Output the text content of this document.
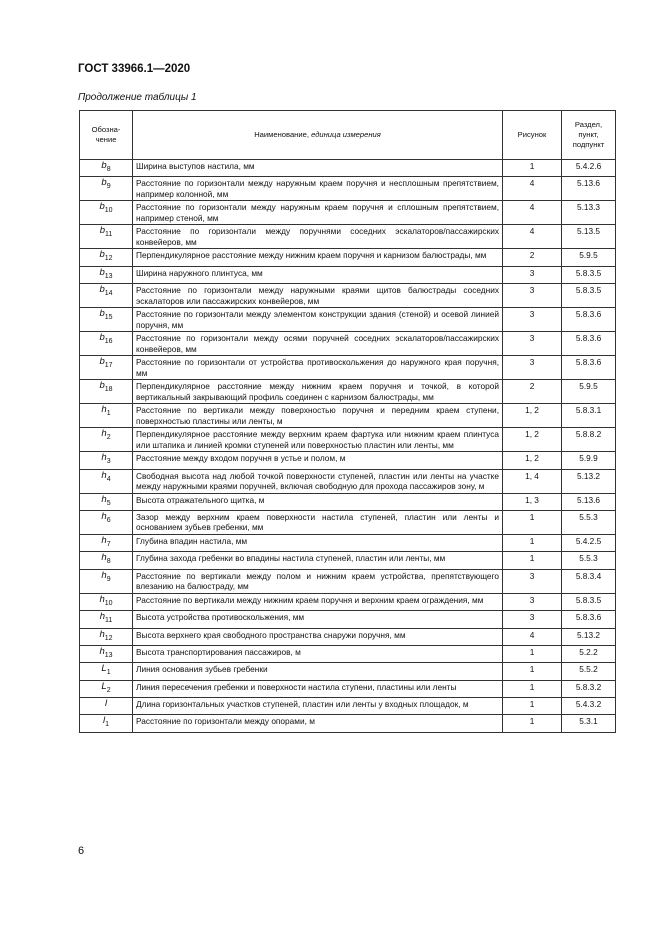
ГОСТ 33966.1—2020
Продолжение таблицы 1
Обозна-чение	Наименование, единица измерения	Рисунок	Раздел, пункт, подпункт
$b_8$	Ширина выступов настила, мм	1	5.4.2.6
$b_9$	Расстояние по горизонтали между наружным краем поручня и несплошным препятствием, например колонной, мм	4	5.13.6
$b_{10}$	Расстояние по горизонтали между наружным краем поручня и сплошным препятствием, например стеной, мм	4	5.13.3
$b_{11}$	Расстояние по горизонтали между поручнями соседних эскалаторов/пассажирских конвейеров, мм	4	5.13.5
$b_{12}$	Перпендикулярное расстояние между нижним краем поручня и карнизом балюстрады, мм	2	5.9.5
$b_{13}$	Ширина наружного плинтуса, мм	3	5.8.3.5
$b_{14}$	Расстояние по горизонтали между наружными краями щитов балюстрады соседних эскалаторов или пассажирских конвейеров, мм	3	5.8.3.5
$b_{15}$	Расстояние по горизонтали между элементом конструкции здания (стеной) и осевой линией поручня, мм	3	5.8.3.6
$b_{16}$	Расстояние по горизонтали между осями поручней соседних эскалаторов/пассажирских конвейеров, мм	3	5.8.3.6
$b_{17}$	Расстояние по горизонтали от устройства противоскольжения до наружного края поручня, мм	3	5.8.3.6
$b_{18}$	Перпендикулярное расстояние между нижним краем поручня и точкой, в которой вертикальный закрывающий профиль соединен с карнизом балюстрады, мм	2	5.9.5
$h_1$	Расстояние по вертикали между поверхностью поручня и передним краем ступени, поверхностью пластины или ленты, м	1, 2	5.8.3.1
$h_2$	Перпендикулярное расстояние между верхним краем фартука или нижним краем плинтуса или штапика и линией кромки ступеней или поверхностью пластин или ленты, мм	1, 2	5.8.8.2
$h_3$	Расстояние между входом поручня в устье и полом, м	1, 2	5.9.9
$h_4$	Свободная высота над любой точкой поверхности ступеней, пластин или ленты на участке между наружными краями поручней, включая свободную для прохода пассажиров зону, м	1, 4	5.13.2
$h_5$	Высота отражательного щитка, м	1, 3	5.13.6
$h_6$	Зазор между верхним краем поверхности настила ступеней, пластин или ленты и основанием зубьев гребенки, мм	1	5.5.3
$h_7$	Глубина впадин настила, мм	1	5.4.2.5
$h_8$	Глубина захода гребенки во впадины настила ступеней, пластин или ленты, мм	1	5.5.3
$h_9$	Расстояние по вертикали между полом и нижним краем устройства, препятствующего влезанию на балюстраду, мм	3	5.8.3.4
$h_{10}$	Расстояние по вертикали между нижним краем поручня и верхним краем ограждения, мм	3	5.8.3.5
$h_{11}$	Высота устройства противоскольжения, мм	3	5.8.3.6
$h_{12}$	Высота верхнего края свободного пространства снаружи поручня, мм	4	5.13.2
$h_{13}$	Высота транспортирования пассажиров, м	1	5.2.2
$L_1$	Линия основания зубьев гребенки	1	5.5.2
$L_2$	Линия пересечения гребенки и поверхности настила ступени, пластины или ленты	1	5.8.3.2
l	Длина горизонтальных участков ступеней, пластин или ленты у входных площадок, м	1	5.4.3.2
$l_1$	Расстояние по горизонтали между опорами, м	1	5.3.1
6
